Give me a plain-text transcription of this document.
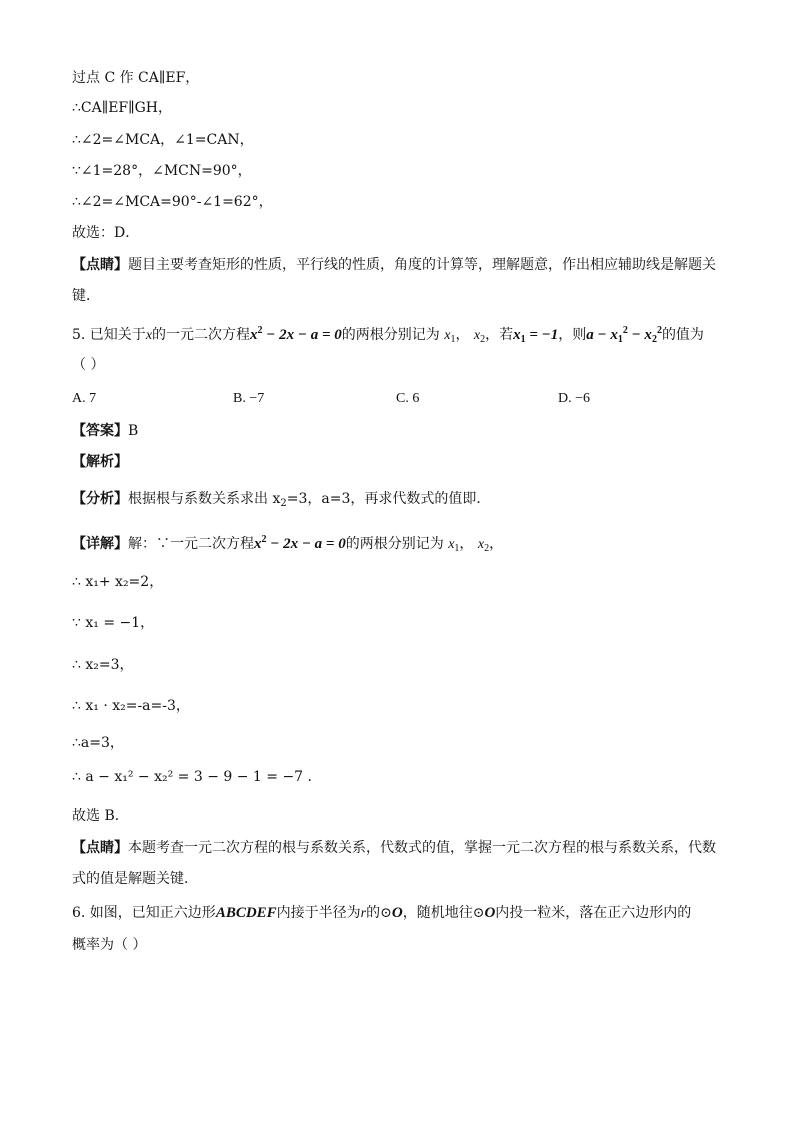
过点 C 作 CA∥EF，
∴CA∥EF∥GH，
∴∠2=∠MCA，∠1=CAN，
∵∠1=28°，∠MCN=90°，
∴∠2=∠MCA=90°-∠1=62°，
故选：D．
【点睛】题目主要考查矩形的性质，平行线的性质，角度的计算等，理解题意，作出相应辅助线是解题关
键．
5. 已知关于x的一元二次方程$x^2 - 2x - a = 0$的两根分别记为 $x_1$， $x_2$，若$x_1 = -1$，则$a - x_1^2 - x_2^2$的值为
（ ）
A. 7	B. −7	C. 6	D. −6
【答案】B
【解析】
【分析】根据根与系数关系求出 $x_2=3$，a=3，再求代数式的值即．
【详解】解：∵一元二次方程$x^2 - 2x - a = 0$的两根分别记为 $x_1$， $x_2$，
∴ x₁+ x₂=2，
∵ x₁ = −1，
∴ x₂=3，
∴ x₁ · x₂=-a=-3，
∴a=3，
∴ a − x₁² − x₂² = 3 − 9 − 1 = −7 .
故选 B．
【点睛】本题考查一元二次方程的根与系数关系，代数式的值，掌握一元二次方程的根与系数关系，代数
式的值是解题关键．
6. 如图，已知正六边形ABCDEF内接于半径为r的⊙O，随机地往⊙O内投一粒米，落在正六边形内的
概率为（ ）
